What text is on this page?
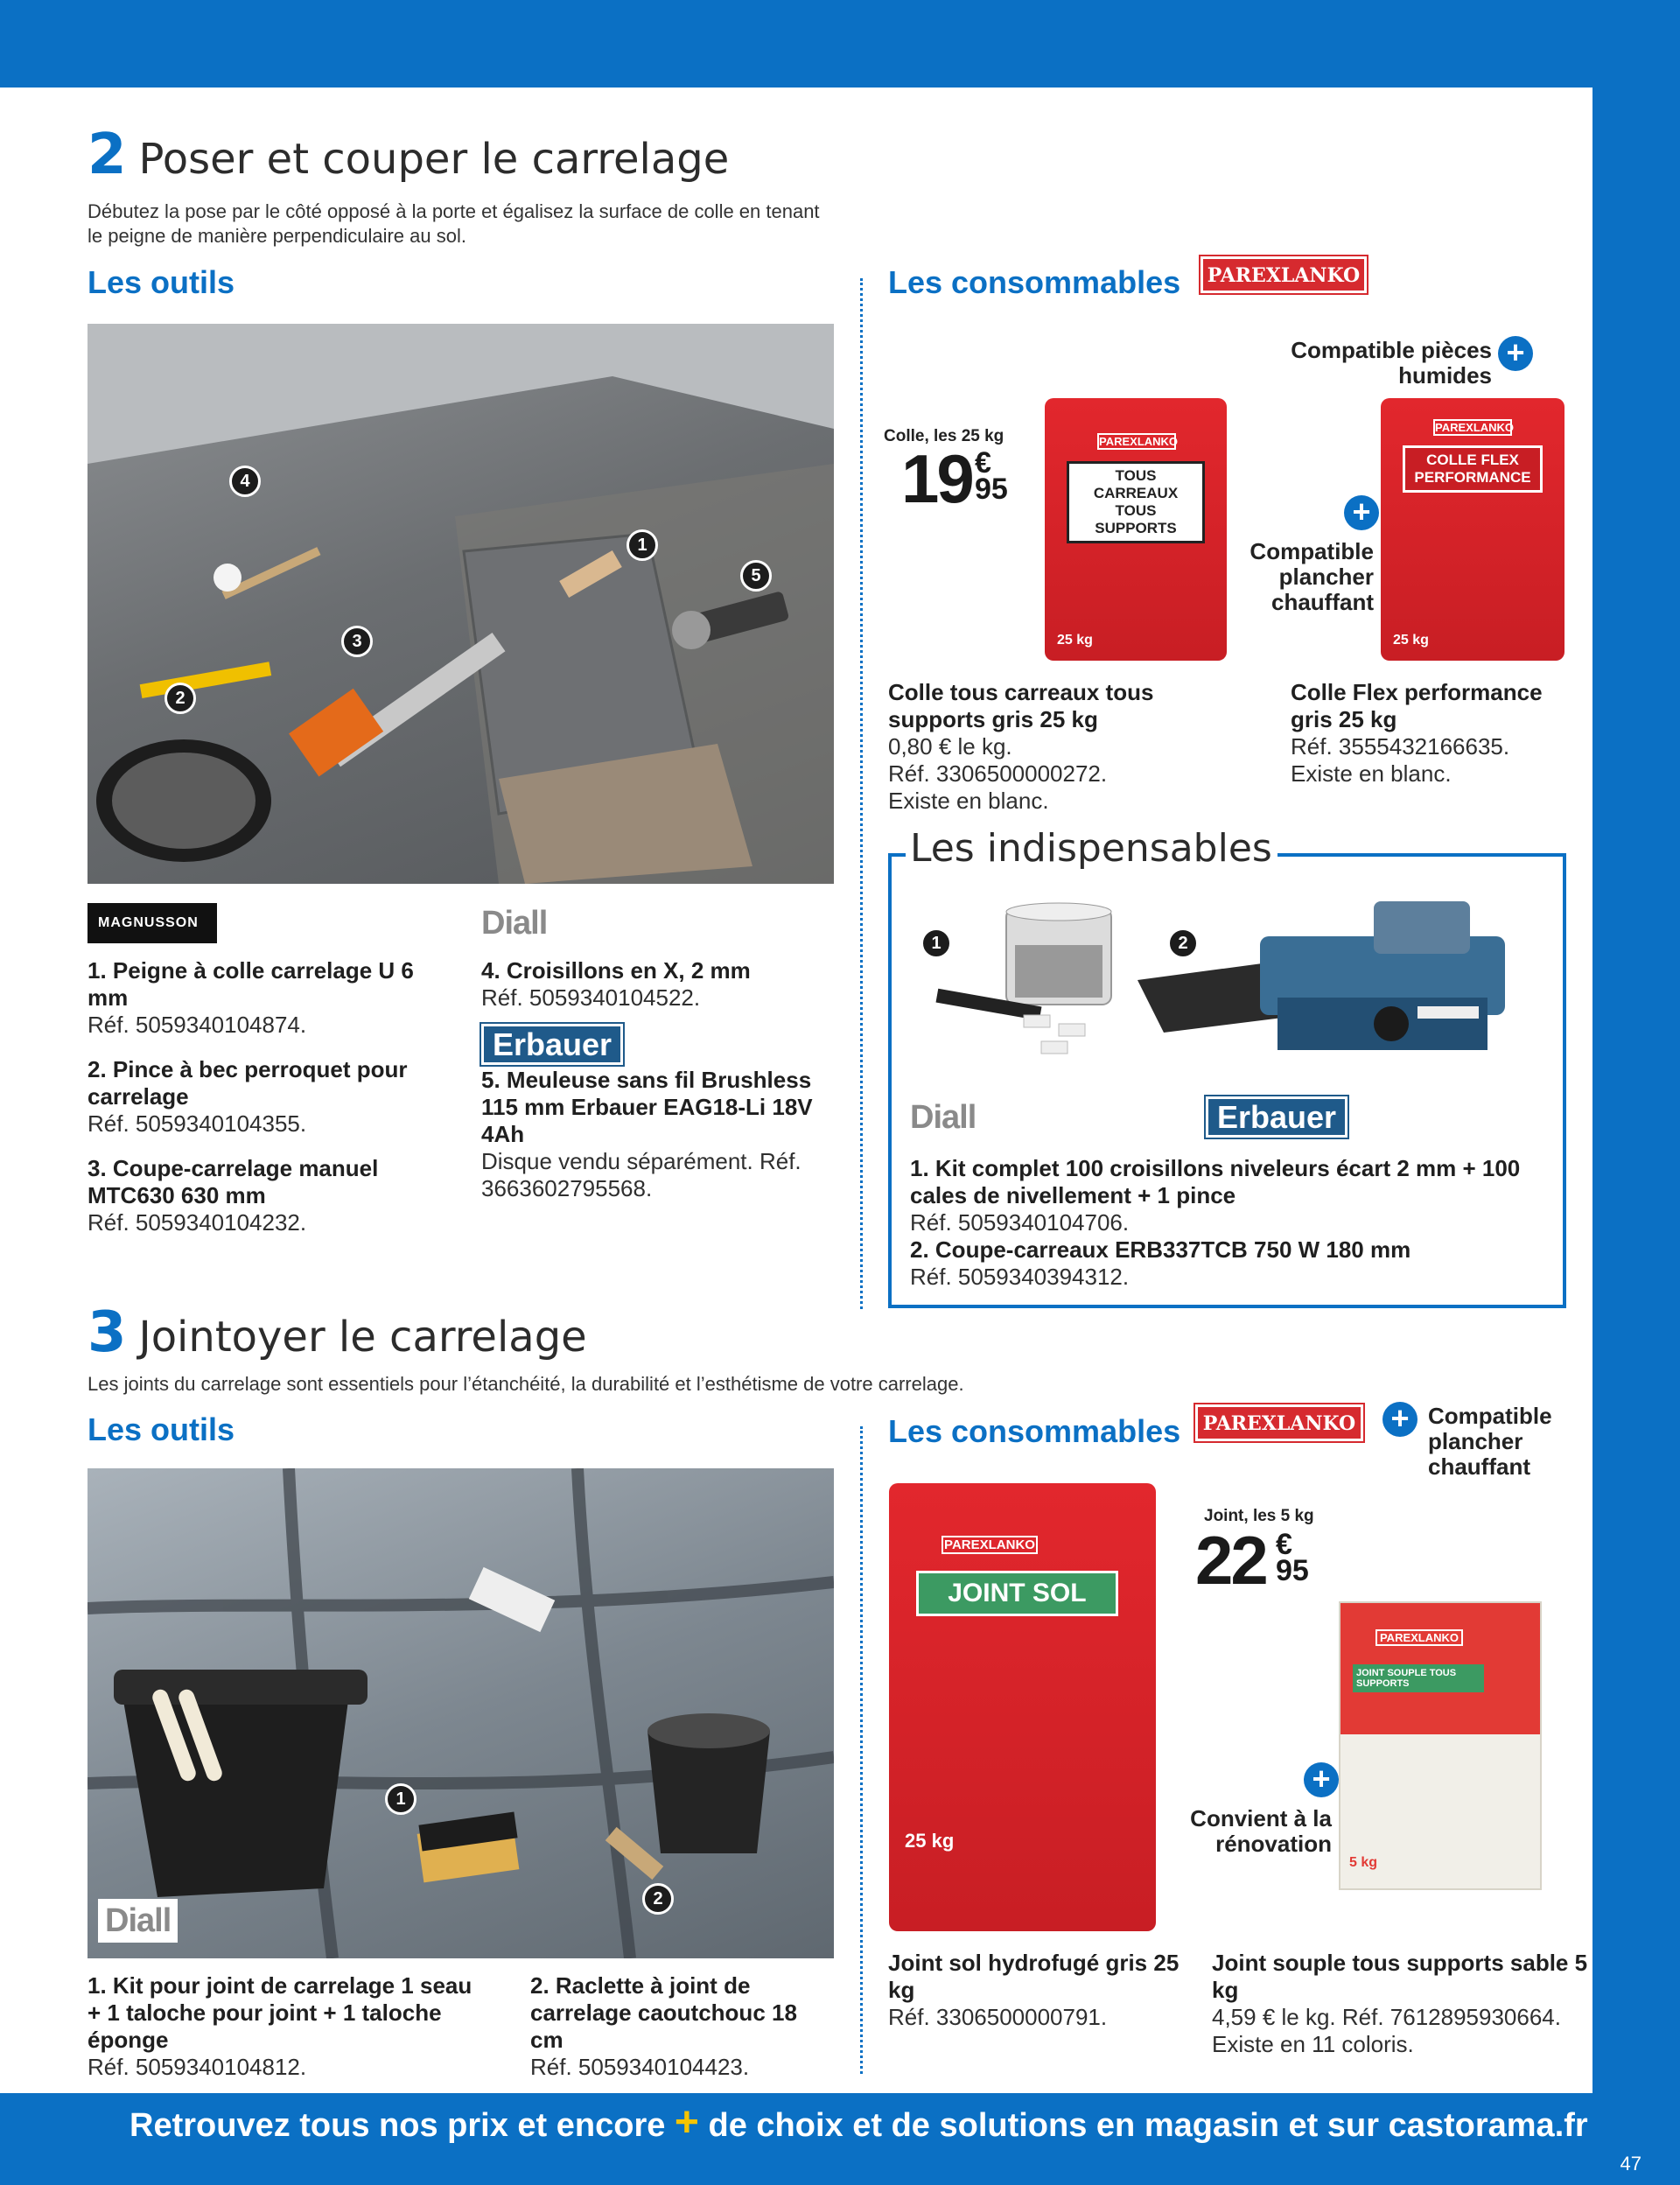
2 Poser et couper le carrelage
Débutez la pose par le côté opposé à la porte et égalisez la surface de colle en tenant le peigne de manière perpendiculaire au sol.
Les outils	Les consommables	PAREXLANKO
1
2
3
4
5
MAGNUSSON	Diall
1. Peigne à colle carrelage U 6 mm
Réf. 5059340104874.
2. Pince à bec perroquet pour carrelage
Réf. 5059340104355.
3. Coupe-carrelage manuel MTC630 630 mm
Réf. 5059340104232.
4. Croisillons en X, 2 mm
Réf. 5059340104522.
Erbauer
5. Meuleuse sans fil Brushless 115 mm Erbauer EAG18-Li 18V 4Ah
Disque vendu séparément. Réf. 3663602795568.
Colle, les 25 kg
19 €
95
PAREXLANKO
TOUS CARREAUX TOUS SUPPORTS
25 kg
Compatible pièces humides
+
PAREXLANKO
COLLE FLEX PERFORMANCE
25 kg
+
Compatible plancher chauffant
Colle tous carreaux tous supports gris 25 kg
0,80 € le kg.
Réf. 3306500000272.
Existe en blanc.
Colle Flex performance gris 25 kg
Réf. 3555432166635.
Existe en blanc.
Les indispensables
1	2
Diall	Erbauer
1. Kit complet 100 croisillons niveleurs écart 2 mm + 100 cales de nivellement + 1 pince
Réf. 5059340104706.
2. Coupe-carreaux ERB337TCB 750 W 180 mm
Réf. 5059340394312.
3 Jointoyer le carrelage
Les joints du carrelage sont essentiels pour l’étanchéité, la durabilité et l’esthétisme de votre carrelage.
Les outils	Les consommables	PAREXLANKO
1
2
Diall
1. Kit pour joint de carrelage 1 seau + 1 taloche pour joint + 1 taloche éponge
Réf. 5059340104812.
2. Raclette à joint de carrelage caoutchouc 18 cm
Réf. 5059340104423.
+ Compatible plancher chauffant
PAREXLANKO
JOINT SOL
25 kg
Joint, les 5 kg
22 €
95
PAREXLANKO
JOINT SOUPLE TOUS SUPPORTS
5 kg
+
Convient à la rénovation
Joint sol hydrofugé gris 25 kg
Réf. 3306500000791.
Joint souple tous supports sable 5 kg
4,59 € le kg. Réf. 7612895930664.
Existe en 11 coloris.
Retrouvez tous nos prix et encore + de choix et de solutions en magasin et sur castorama.fr
47
